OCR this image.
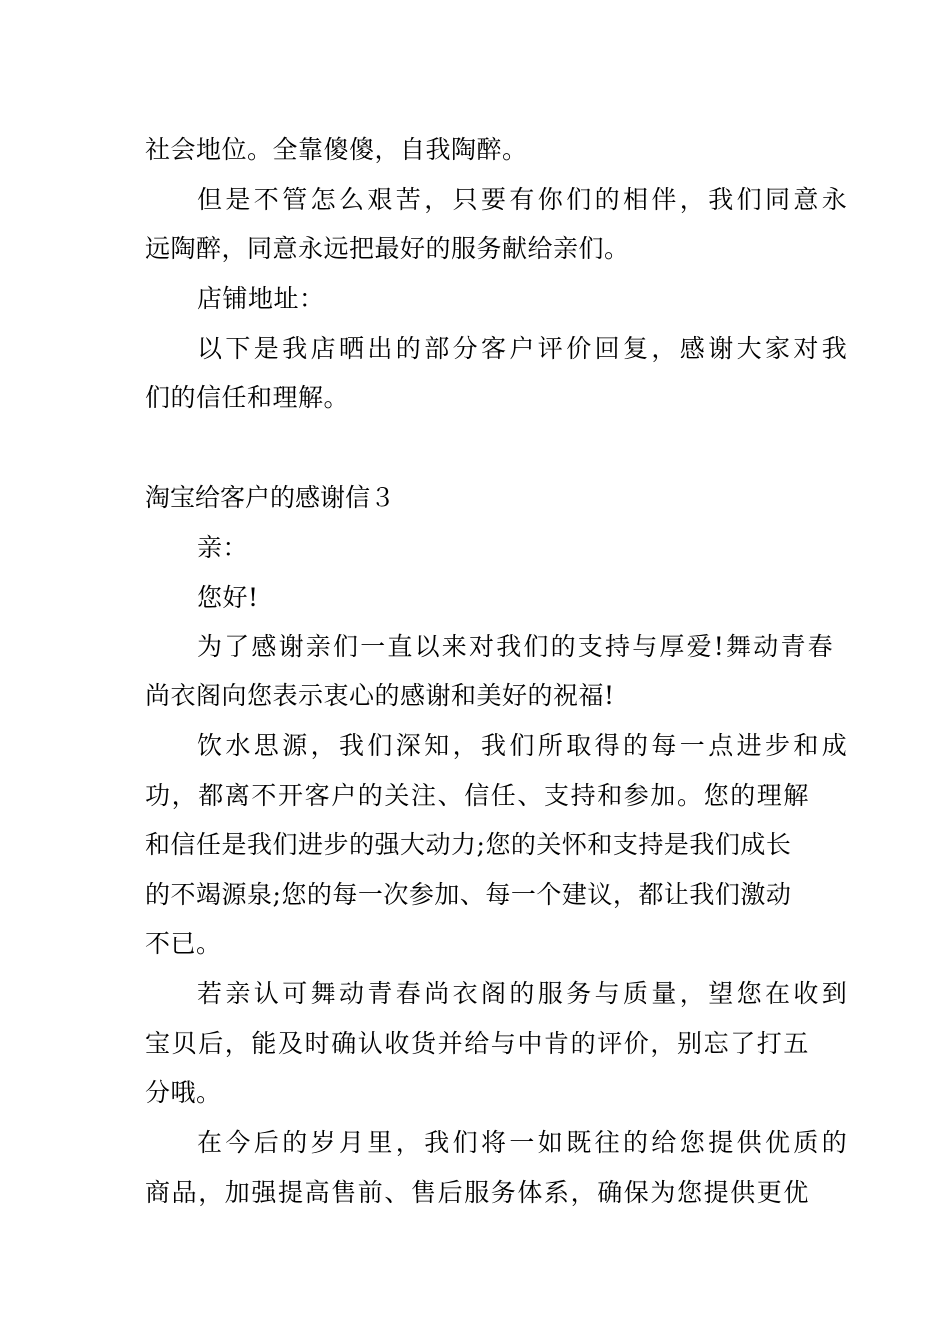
社会地位。全靠傻傻，自我陶醉。
但是不管怎么艰苦，只要有你们的相伴，我们同意永
远陶醉，同意永远把最好的服务献给亲们。
店铺地址：
以下是我店晒出的部分客户评价回复，感谢大家对我
们的信任和理解。
淘宝给客户的感谢信３
亲：
您好!
为了感谢亲们一直以来对我们的支持与厚爱!舞动青春
尚衣阁向您表示衷心的感谢和美好的祝福!
饮水思源，我们深知，我们所取得的每一点进步和成
功，都离不开客户的关注、信任、支持和参加。您的理解
和信任是我们进步的强大动力;您的关怀和支持是我们成长
的不竭源泉;您的每一次参加、每一个建议，都让我们激动
不已。
若亲认可舞动青春尚衣阁的服务与质量，望您在收到
宝贝后，能及时确认收货并给与中肯的评价，别忘了打五
分哦。
在今后的岁月里，我们将一如既往的给您提供优质的
商品，加强提高售前、售后服务体系，确保为您提供更优
